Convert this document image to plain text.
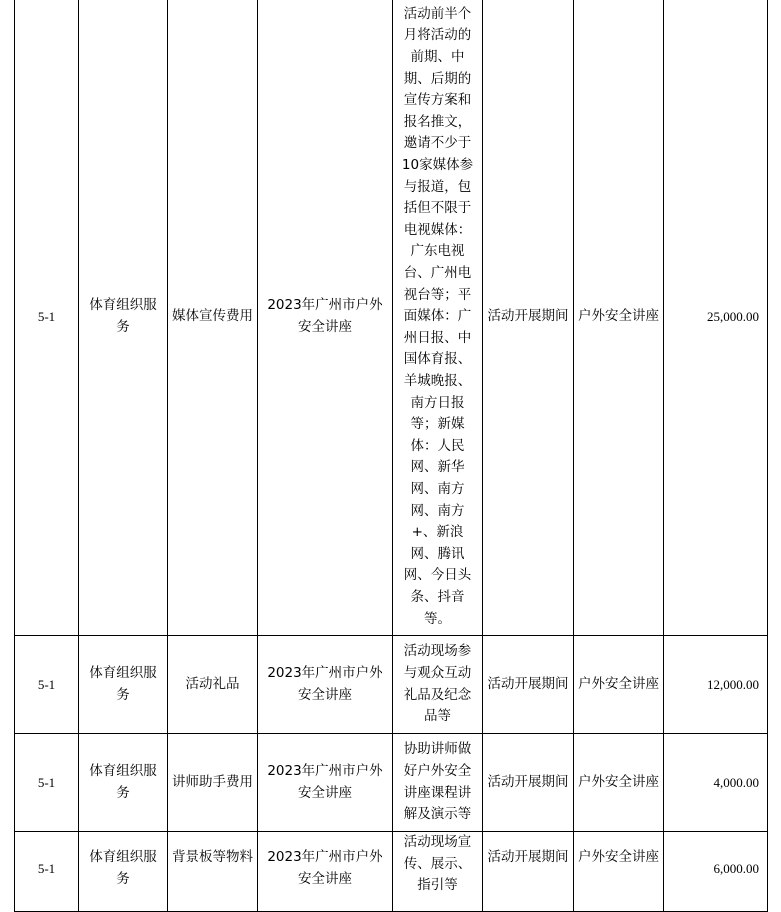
5-1	体育组织服务	媒体宣传费用	2023年广州市户外安全讲座	活动前半个月将活动的前期、中期、后期的宣传方案和报名推文，邀请不少于10家媒体参与报道，包括但不限于电视媒体：广东电视台、广州电视台等；平面媒体：广州日报、中国体育报、羊城晚报、南方日报等；新媒体：人民网、新华网、南方网、南方+、新浪网、腾讯网、今日头条、抖音等。	活动开展期间	户外安全讲座	25,000.00
5-1	体育组织服务	活动礼品	2023年广州市户外安全讲座	活动现场参与观众互动礼品及纪念品等	活动开展期间	户外安全讲座	12,000.00
5-1	体育组织服务	讲师助手费用	2023年广州市户外安全讲座	协助讲师做好户外安全讲座课程讲解及演示等	活动开展期间	户外安全讲座	4,000.00
5-1	体育组织服务	背景板等物料	2023年广州市户外安全讲座	活动现场宣传、展示、指引等	活动开展期间	户外安全讲座	6,000.00
